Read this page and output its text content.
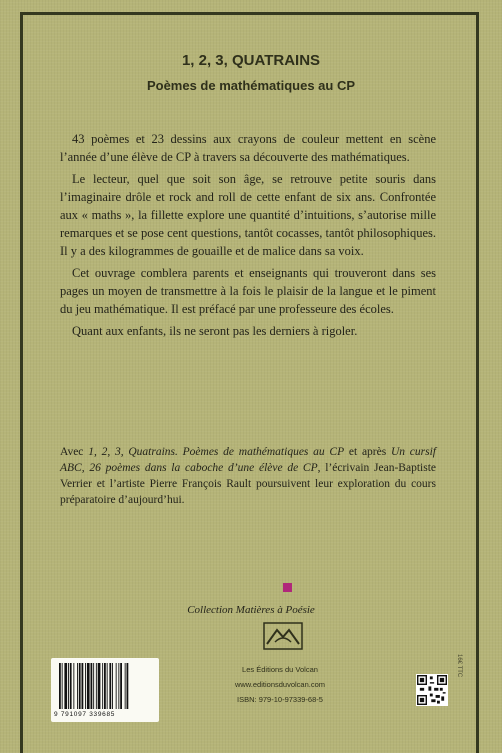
1, 2, 3, QUATRAINS
Poèmes de mathématiques au CP

43 poèmes et 23 dessins aux crayons de couleur mettent en scène l’année d’une élève de CP à travers sa découverte des mathématiques.

Le lecteur, quel que soit son âge, se retrouve petite souris dans l’imaginaire drôle et rock and roll de cette enfant de six ans. Confrontée aux « maths », la fillette explore une quantité d’intuitions, s’autorise mille remarques et se pose cent questions, tantôt cocasses, tantôt philosophiques. Il y a des kilogrammes de gouaille et de malice dans sa voix.

Cet ouvrage comblera parents et enseignants qui trouveront dans ses pages un moyen de transmettre à la fois le plaisir de la langue et le piment du jeu mathématique. Il est préfacé par une professeure des écoles.

Quant aux enfants, ils ne seront pas les derniers à rigoler.

Avec 1, 2, 3, Quatrains. Poèmes de mathématiques au CP et après Un cursif ABC, 26 poèmes dans la caboche d’une élève de CP, l’écrivain Jean-Baptiste Verrier et l’artiste Pierre François Rault poursuivent leur exploration du cours préparatoire d’aujourd’hui.
Collection Matières à Poésie
Les Éditions du Volcan
www.editionsduvolcan.com
ISBN: 979-10-97339-68-5
9 791097 339685
16€ TTC
